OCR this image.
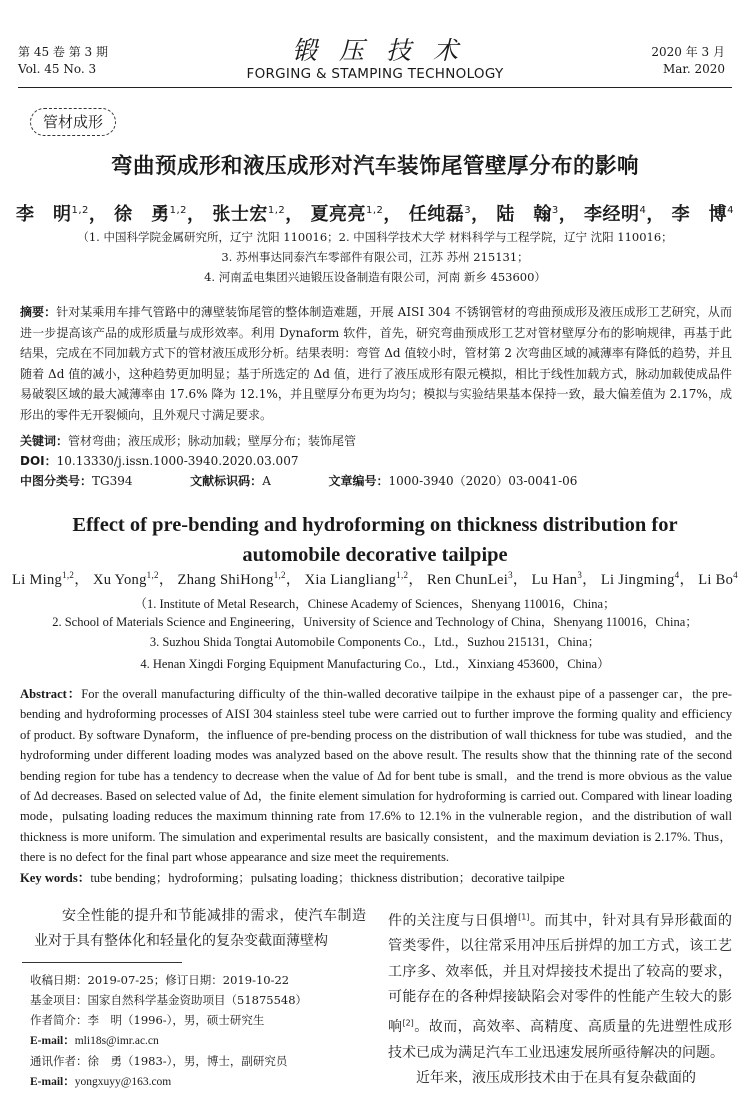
第 45 卷 第 3 期
Vol. 45 No. 3
锻压技术
FORGING & STAMPING TECHNOLOGY
2020 年 3 月
Mar. 2020
管材成形
弯曲预成形和液压成形对汽车装饰尾管壁厚分布的影响
李　明$^{1,2}$， 徐　勇$^{1,2}$， 张士宏$^{1,2}$， 夏亮亮$^{1,2}$， 任纯磊$^3$， 陆　翰$^3$， 李经明$^4$， 李　博$^4$
（1. 中国科学院金属研究所，辽宁 沈阳 110016；2. 中国科学技术大学 材料科学与工程学院，辽宁 沈阳 110016；
3. 苏州事达同泰汽车零部件有限公司，江苏 苏州 215131；
4. 河南孟电集团兴迪锻压设备制造有限公司，河南 新乡 453600）
摘要：针对某乘用车排气管路中的薄壁装饰尾管的整体制造难题，开展 AISI 304 不锈钢管材的弯曲预成形及液压成形工艺研究，从而进一步提高该产品的成形质量与成形效率。利用 Dynaform 软件，首先，研究弯曲预成形工艺对管材壁厚分布的影响规律，再基于此结果，完成在不同加载方式下的管材液压成形分析。结果表明：弯管 Δd 值较小时，管材第 2 次弯曲区域的减薄率有降低的趋势，并且随着 Δd 值的减小，这种趋势更加明显；基于所选定的 Δd 值，进行了液压成形有限元模拟，相比于线性加载方式，脉动加载使成品件易破裂区域的最大减薄率由 17.6% 降为 12.1%，并且壁厚分布更为均匀；模拟与实验结果基本保持一致，最大偏差值为 2.17%，成形出的零件无开裂倾向，且外观尺寸满足要求。
关键词：管材弯曲；液压成形；脉动加载；壁厚分布；装饰尾管
DOI：10.13330/j.issn.1000-3940.2020.03.007
中图分类号：TG394	文献标识码：A	文章编号：1000-3940（2020）03-0041-06
Effect of pre-bending and hydroforming on thickness distribution for
automobile decorative tailpipe
Li Ming$^{1,2}$， Xu Yong$^{1,2}$， Zhang ShiHong$^{1,2}$， Xia Liangliang$^{1,2}$， Ren ChunLei$^3$， Lu Han$^3$， Li Jingming$^4$， Li Bo$^4$
（1. Institute of Metal Research，Chinese Academy of Sciences，Shenyang 110016，China；
2. School of Materials Science and Engineering，University of Science and Technology of China，Shenyang 110016，China；
3. Suzhou Shida Tongtai Automobile Components Co.，Ltd.，Suzhou 215131，China；
4. Henan Xingdi Forging Equipment Manufacturing Co.，Ltd.，Xinxiang 453600，China）
Abstract：For the overall manufacturing difficulty of the thin-walled decorative tailpipe in the exhaust pipe of a passenger car，the pre-bending and hydroforming processes of AISI 304 stainless steel tube were carried out to further improve the forming quality and efficiency of product. By software Dynaform，the influence of pre-bending process on the distribution of wall thickness for tube was studied，and the hydroforming under different loading modes was analyzed based on the above result. The results show that the thinning rate of the second bending region for tube has a tendency to decrease when the value of Δd for bent tube is small，and the trend is more obvious as the value of Δd decreases. Based on selected value of Δd，the finite element simulation for hydroforming is carried out. Compared with linear loading mode，pulsating loading reduces the maximum thinning rate from 17.6% to 12.1% in the vulnerable region，and the distribution of wall thickness is more uniform. The simulation and experimental results are basically consistent，and the maximum deviation is 2.17%. Thus，there is no defect for the final part whose appearance and size meet the requirements.
Key words：tube bending；hydroforming；pulsating loading；thickness distribution；decorative tailpipe
安全性能的提升和节能减排的需求，使汽车制造业对于具有整体化和轻量化的复杂变截面薄壁构
收稿日期：2019-07-25；修订日期：2019-10-22
基金项目：国家自然科学基金资助项目（51875548）
作者简介：李　明（1996-），男，硕士研究生
E-mail：mli18s@imr.ac.cn
通讯作者：徐　勇（1983-），男，博士，副研究员
E-mail：yongxuyy@163.com
件的关注度与日俱增[1]。而其中，针对具有异形截面的管类零件，以往常采用冲压后拼焊的加工方式，该工艺工序多、效率低，并且对焊接技术提出了较高的要求，可能存在的各种焊接缺陷会对零件的性能产生较大的影响[2]。故而，高效率、高精度、高质量的先进塑性成形技术已成为满足汽车工业迅速发展所亟待解决的问题。
近年来，液压成形技术由于在具有复杂截面的
